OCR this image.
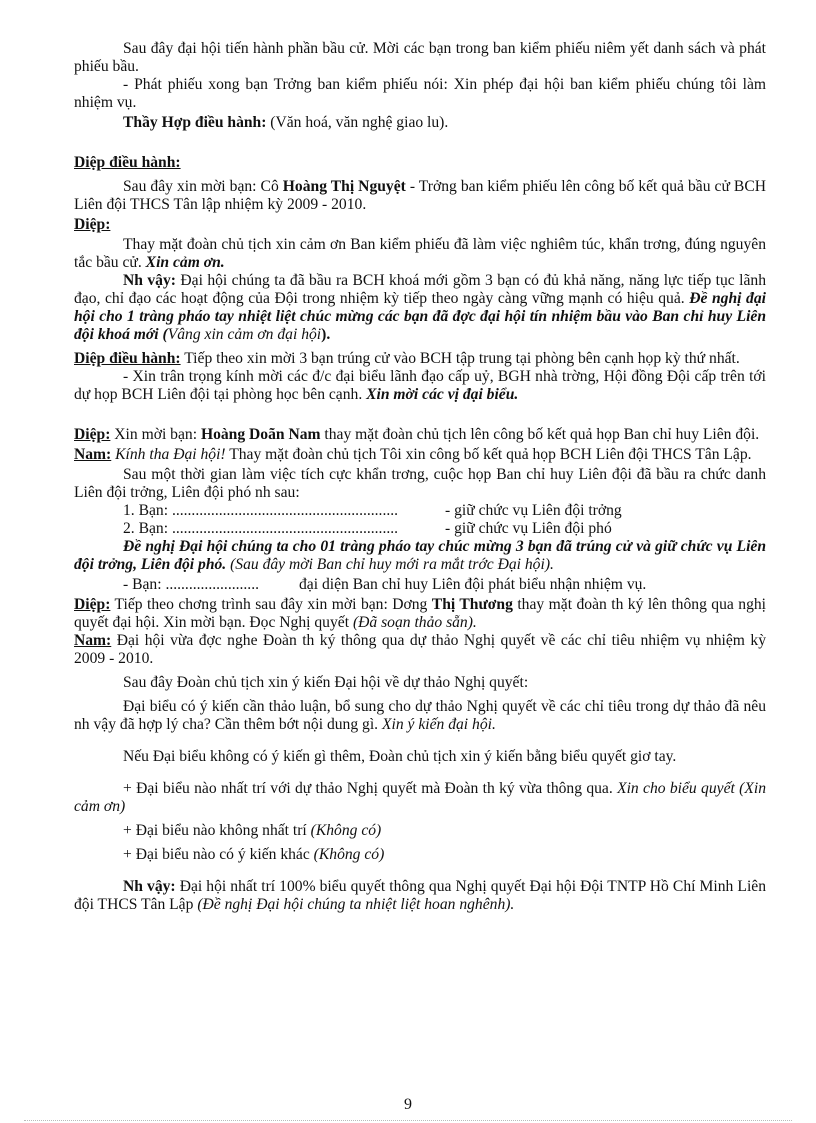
Sau đây đại hội tiến hành phần bầu cử. Mời các bạn trong ban kiểm phiếu niêm yết danh sách và phát phiếu bầu.

- Phát phiếu xong bạn Trởng ban kiểm phiếu nói: Xin phép đại hội ban kiểm phiếu chúng tôi làm nhiệm vụ.

Thầy Hợp điều hành: (Văn hoá, văn nghệ giao lu).

Diệp điều hành:

Sau đây xin mời bạn: Cô Hoàng Thị Nguyệt - Trởng ban kiểm phiếu lên công bố kết quả bầu cử BCH Liên đội THCS Tân lập nhiệm kỳ 2009 - 2010.

Diệp:

Thay mặt đoàn chủ tịch xin cảm ơn Ban kiểm phiếu đã làm việc nghiêm túc, khẩn trơng, đúng nguyên tắc bầu cử. Xin cảm ơn.

Nh vậy: Đại hội chúng ta đã bầu ra BCH khoá mới gồm 3 bạn có đủ khả năng, năng lực tiếp tục lãnh đạo, chỉ đạo các hoạt động của Đội trong nhiệm kỳ tiếp theo ngày càng vững mạnh có hiệu quả. Đề nghị đại hội cho 1 tràng pháo tay nhiệt liệt chúc mừng các bạn đã đợc đại hội tín nhiệm bầu vào Ban chỉ huy Liên đội khoá mới (Vâng xin cảm ơn đại hội).

Diệp điều hành: Tiếp theo xin mời 3 bạn trúng cử vào BCH tập trung tại phòng bên cạnh họp kỳ thứ nhất.

- Xin trân trọng kính mời các đ/c đại biểu lãnh đạo cấp uỷ, BGH nhà trờng, Hội đồng Đội cấp trên tới dự họp BCH Liên đội tại phòng học bên cạnh. Xin mời các vị đại biểu.

Diệp: Xin mời bạn: Hoàng Doãn Nam thay mặt đoàn chủ tịch lên công bố kết quả họp Ban chỉ huy Liên đội.

Nam: Kính tha Đại hội! Thay mặt đoàn chủ tịch Tôi xin công bố kết quả họp BCH Liên đội THCS Tân Lập.

Sau một thời gian làm việc tích cực khẩn trơng, cuộc họp Ban chỉ huy Liên đội đã bầu ra chức danh Liên đội trởng, Liên đội phó nh sau:

1. Bạn: ..........................................................	- giữ chức vụ Liên đội trởng
2. Bạn: ..........................................................	- giữ chức vụ Liên đội phó

Đề nghị Đại hội chúng ta cho 01 tràng pháo tay chúc mừng 3 bạn đã trúng cử và giữ chức vụ Liên đội trởng, Liên đội phó. (Sau đây mời Ban chỉ huy mới ra mắt trớc Đại hội).

- Bạn: ........................	đại diện Ban chỉ huy Liên đội phát biểu nhận nhiệm vụ.

Diệp: Tiếp theo chơng trình sau đây xin mời bạn: Dơng Thị Thương thay mặt đoàn th ký lên thông qua nghị quyết đại hội. Xin mời bạn. Đọc Nghị quyết (Đã soạn thảo sẵn).

Nam: Đại hội vừa đợc nghe Đoàn th ký thông qua dự thảo Nghị quyết về các chỉ tiêu nhiệm vụ nhiệm kỳ 2009 - 2010.

Sau đây Đoàn chủ tịch xin ý kiến Đại hội về dự thảo Nghị quyết:

Đại biểu có ý kiến cần thảo luận, bổ sung cho dự thảo Nghị quyết về các chỉ tiêu trong dự thảo đã nêu nh vậy đã hợp lý cha? Cần thêm bớt nội dung gì. Xin ý kiến đại hội.

Nếu Đại biểu không có ý kiến gì thêm, Đoàn chủ tịch xin ý kiến bằng biểu quyết giơ tay.

+ Đại biểu nào nhất trí với dự thảo Nghị quyết mà Đoàn th ký vừa thông qua. Xin cho biểu quyết (Xin cảm ơn)

+ Đại biểu nào không nhất trí (Không có)

+ Đại biểu nào có ý kiến khác (Không có)

Nh vậy: Đại hội nhất trí 100% biểu quyết thông qua Nghị quyết Đại hội Đội TNTP Hồ Chí Minh Liên đội THCS Tân Lập (Đề nghị Đại hội chúng ta nhiệt liệt hoan nghênh).

9
